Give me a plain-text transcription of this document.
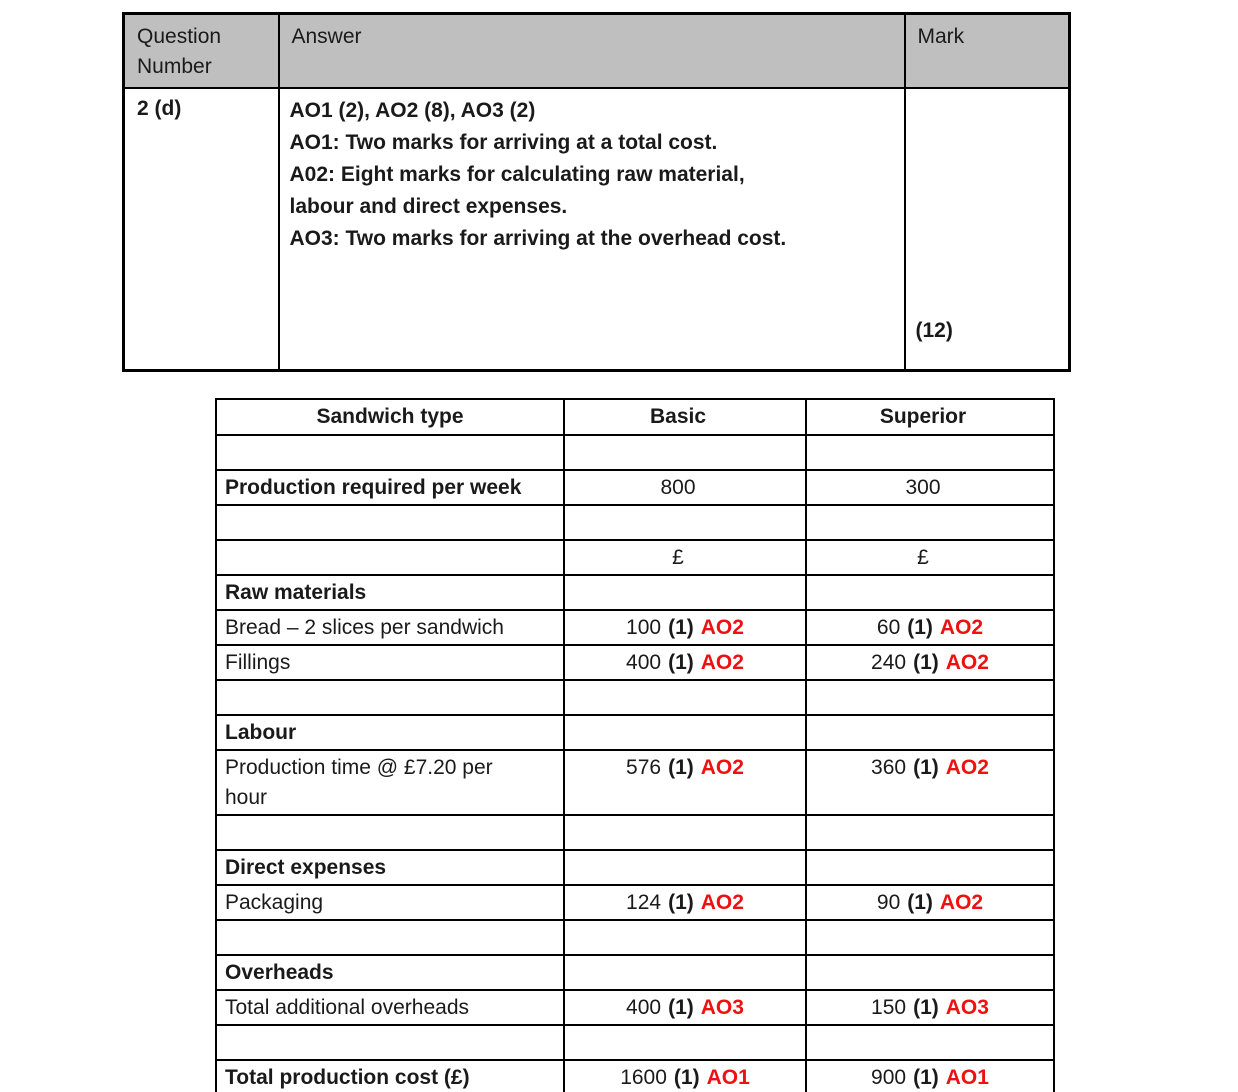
Question Number	Answer	Mark
2 (d)	AO1 (2), AO2 (8), AO3 (2)
AO1: Two marks for arriving at a total cost.
A02: Eight marks for calculating raw material,
labour and direct expenses.
AO3: Two marks for arriving at the overhead cost.	(12)
Sandwich type	Basic	Superior

Production required per week	800	300

	£	£

Raw materials		

Bread – 2 slices per sandwich	100 (1) AO2	60 (1) AO2

Fillings	400 (1) AO2	240 (1) AO2

Labour		

Production time @ £7.20 per hour	576 (1) AO2	360 (1) AO2

Direct expenses		

Packaging	124 (1) AO2	90 (1) AO2

Overheads		

Total additional overheads	400 (1) AO3	150 (1) AO3

Total production cost (£)	1600 (1) AO1	900 (1) AO1
